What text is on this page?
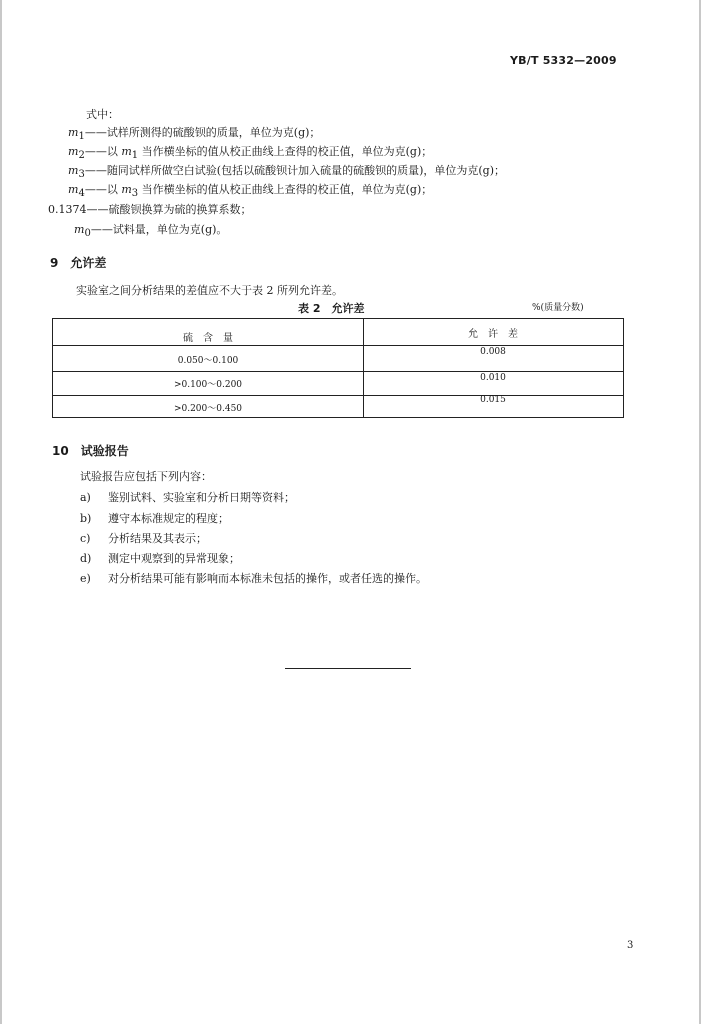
YB/T 5332—2009
式中：
$m_1——$试样所测得的硫酸钡的质量，单位为克(g)；
$m_2——$以 $m_1$ 当作横坐标的值从校正曲线上查得的校正值，单位为克(g)；
$m_3——$随同试样所做空白试验(包括以硫酸钡计加入硫量的硫酸钡的质量)，单位为克(g)；
$m_4——$以 $m_3$ 当作横坐标的值从校正曲线上查得的校正值，单位为克(g)；
0.1374——硫酸钡换算为硫的换算系数；
$m_0——$试料量，单位为克(g)。
9 允许差
实验室之间分析结果的差值应不大于表 2 所列允许差。
表 2　允许差	%(质量分数)
硫　含　量	允　许　差
0.050～0.100
0.008
>0.100～0.200
0.010
>0.200～0.450
0.015
10 试验报告
试验报告应包括下列内容：
a) 鉴别试料、实验室和分析日期等资料；
b) 遵守本标准规定的程度；
c) 分析结果及其表示；
d) 测定中观察到的异常现象；
e) 对分析结果可能有影响而本标准未包括的操作，或者任选的操作。
3
